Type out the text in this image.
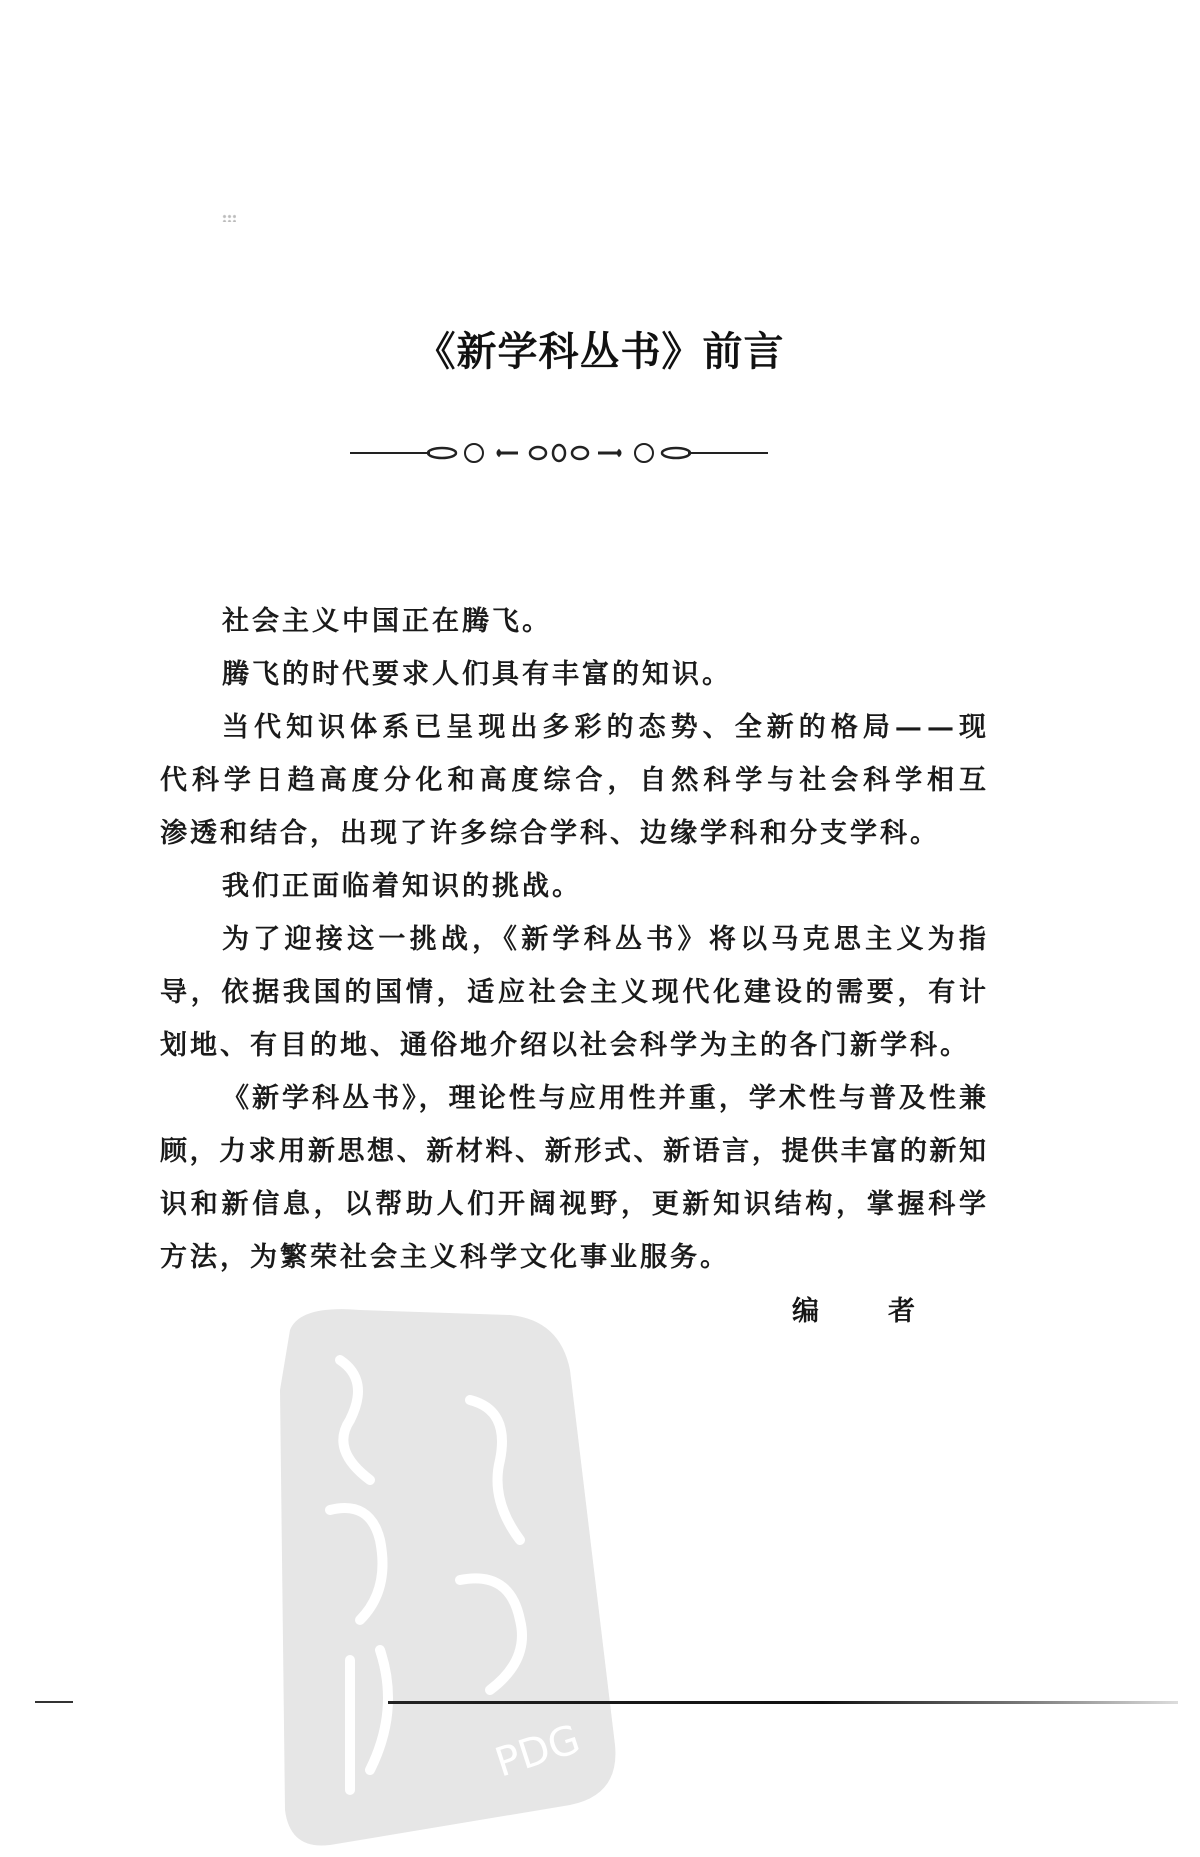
《新学科丛书》前言
社会主义中国正在腾飞。
腾飞的时代要求人们具有丰富的知识。
当代知识体系已呈现出多彩的态势、全新的格局——现
代科学日趋高度分化和高度综合，自然科学与社会科学相互
渗透和结合，出现了许多综合学科、边缘学科和分支学科。
我们正面临着知识的挑战。
为了迎接这一挑战，《新学科丛书》将以马克思主义为指
导，依据我国的国情，适应社会主义现代化建设的需要，有计
划地、有目的地、通俗地介绍以社会科学为主的各门新学科。
《新学科丛书》，理论性与应用性并重，学术性与普及性兼
顾，力求用新思想、新材料、新形式、新语言，提供丰富的新知
识和新信息，以帮助人们开阔视野，更新知识结构，掌握科学
方法，为繁荣社会主义科学文化事业服务。
PDG
编	者
